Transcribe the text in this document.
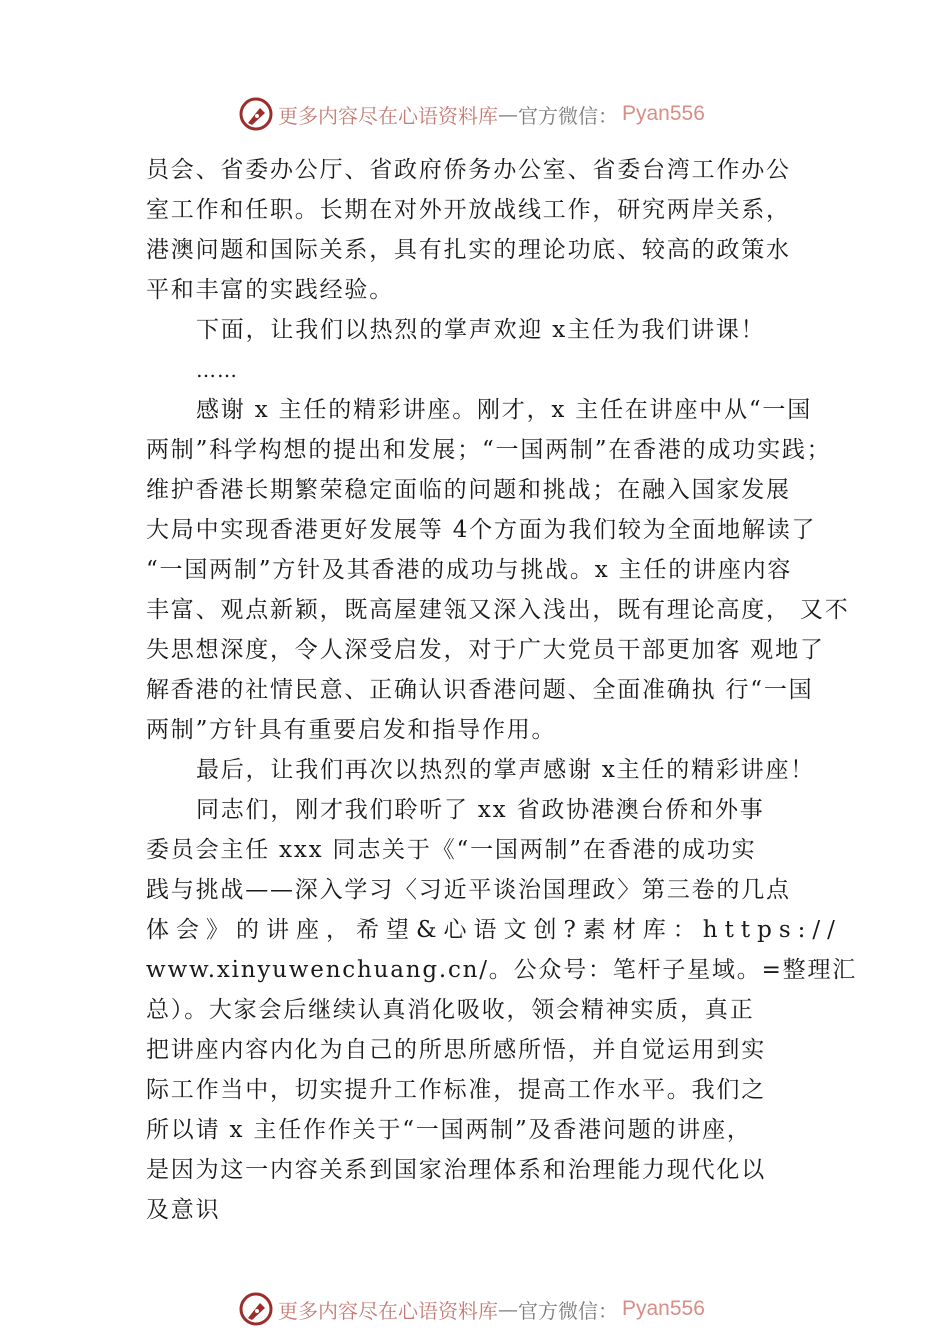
更多内容尽在心语资料库 — 官方微信： Pyan556
员会、省委办公厅、省政府侨务办公室、省委台湾工作办公
室工作和任职。长期在对外开放战线工作，研究两岸关系，
港澳问题和国际关系，具有扎实的理论功底、较高的政策水
平和丰富的实践经验。
下面，让我们以热烈的掌声欢迎 x主任为我们讲课！
……
感谢 x 主任的精彩讲座。刚才，x 主任在讲座中从“一国
两制”科学构想的提出和发展；“一国两制”在香港的成功实践；
维护香港长期繁荣稳定面临的问题和挑战；在融入国家发展
大局中实现香港更好发展等 4个方面为我们较为全面地解读了
“一国两制”方针及其香港的成功与挑战。x 主任的讲座内容
丰富、观点新颖，既高屋建瓴又深入浅出，既有理论高度， 又不
失思想深度，令人深受启发，对于广大党员干部更加客 观地了
解香港的社情民意、正确认识香港问题、全面准确执 行“一国
两制”方针具有重要启发和指导作用。
最后，让我们再次以热烈的掌声感谢 x主任的精彩讲座！
同志们，刚才我们聆听了 xx 省政协港澳台侨和外事
委员会主任 xxx 同志关于《“一国两制”在香港的成功实
践与挑战——深入学习〈习近平谈治国理政〉第三卷的几点
体会》的讲座，希望&心语文创?素材库：https://
www.xinyuwenchuang.cn/。公众号：笔杆子星域。=整理汇
总）。大家会后继续认真消化吸收，领会精神实质，真正
把讲座内容内化为自己的所思所感所悟，并自觉运用到实
际工作当中，切实提升工作标准，提高工作水平。我们之
所以请 x 主任作作关于“一国两制”及香港问题的讲座，
是因为这一内容关系到国家治理体系和治理能力现代化以
及意识
更多内容尽在心语资料库 — 官方微信： Pyan556
